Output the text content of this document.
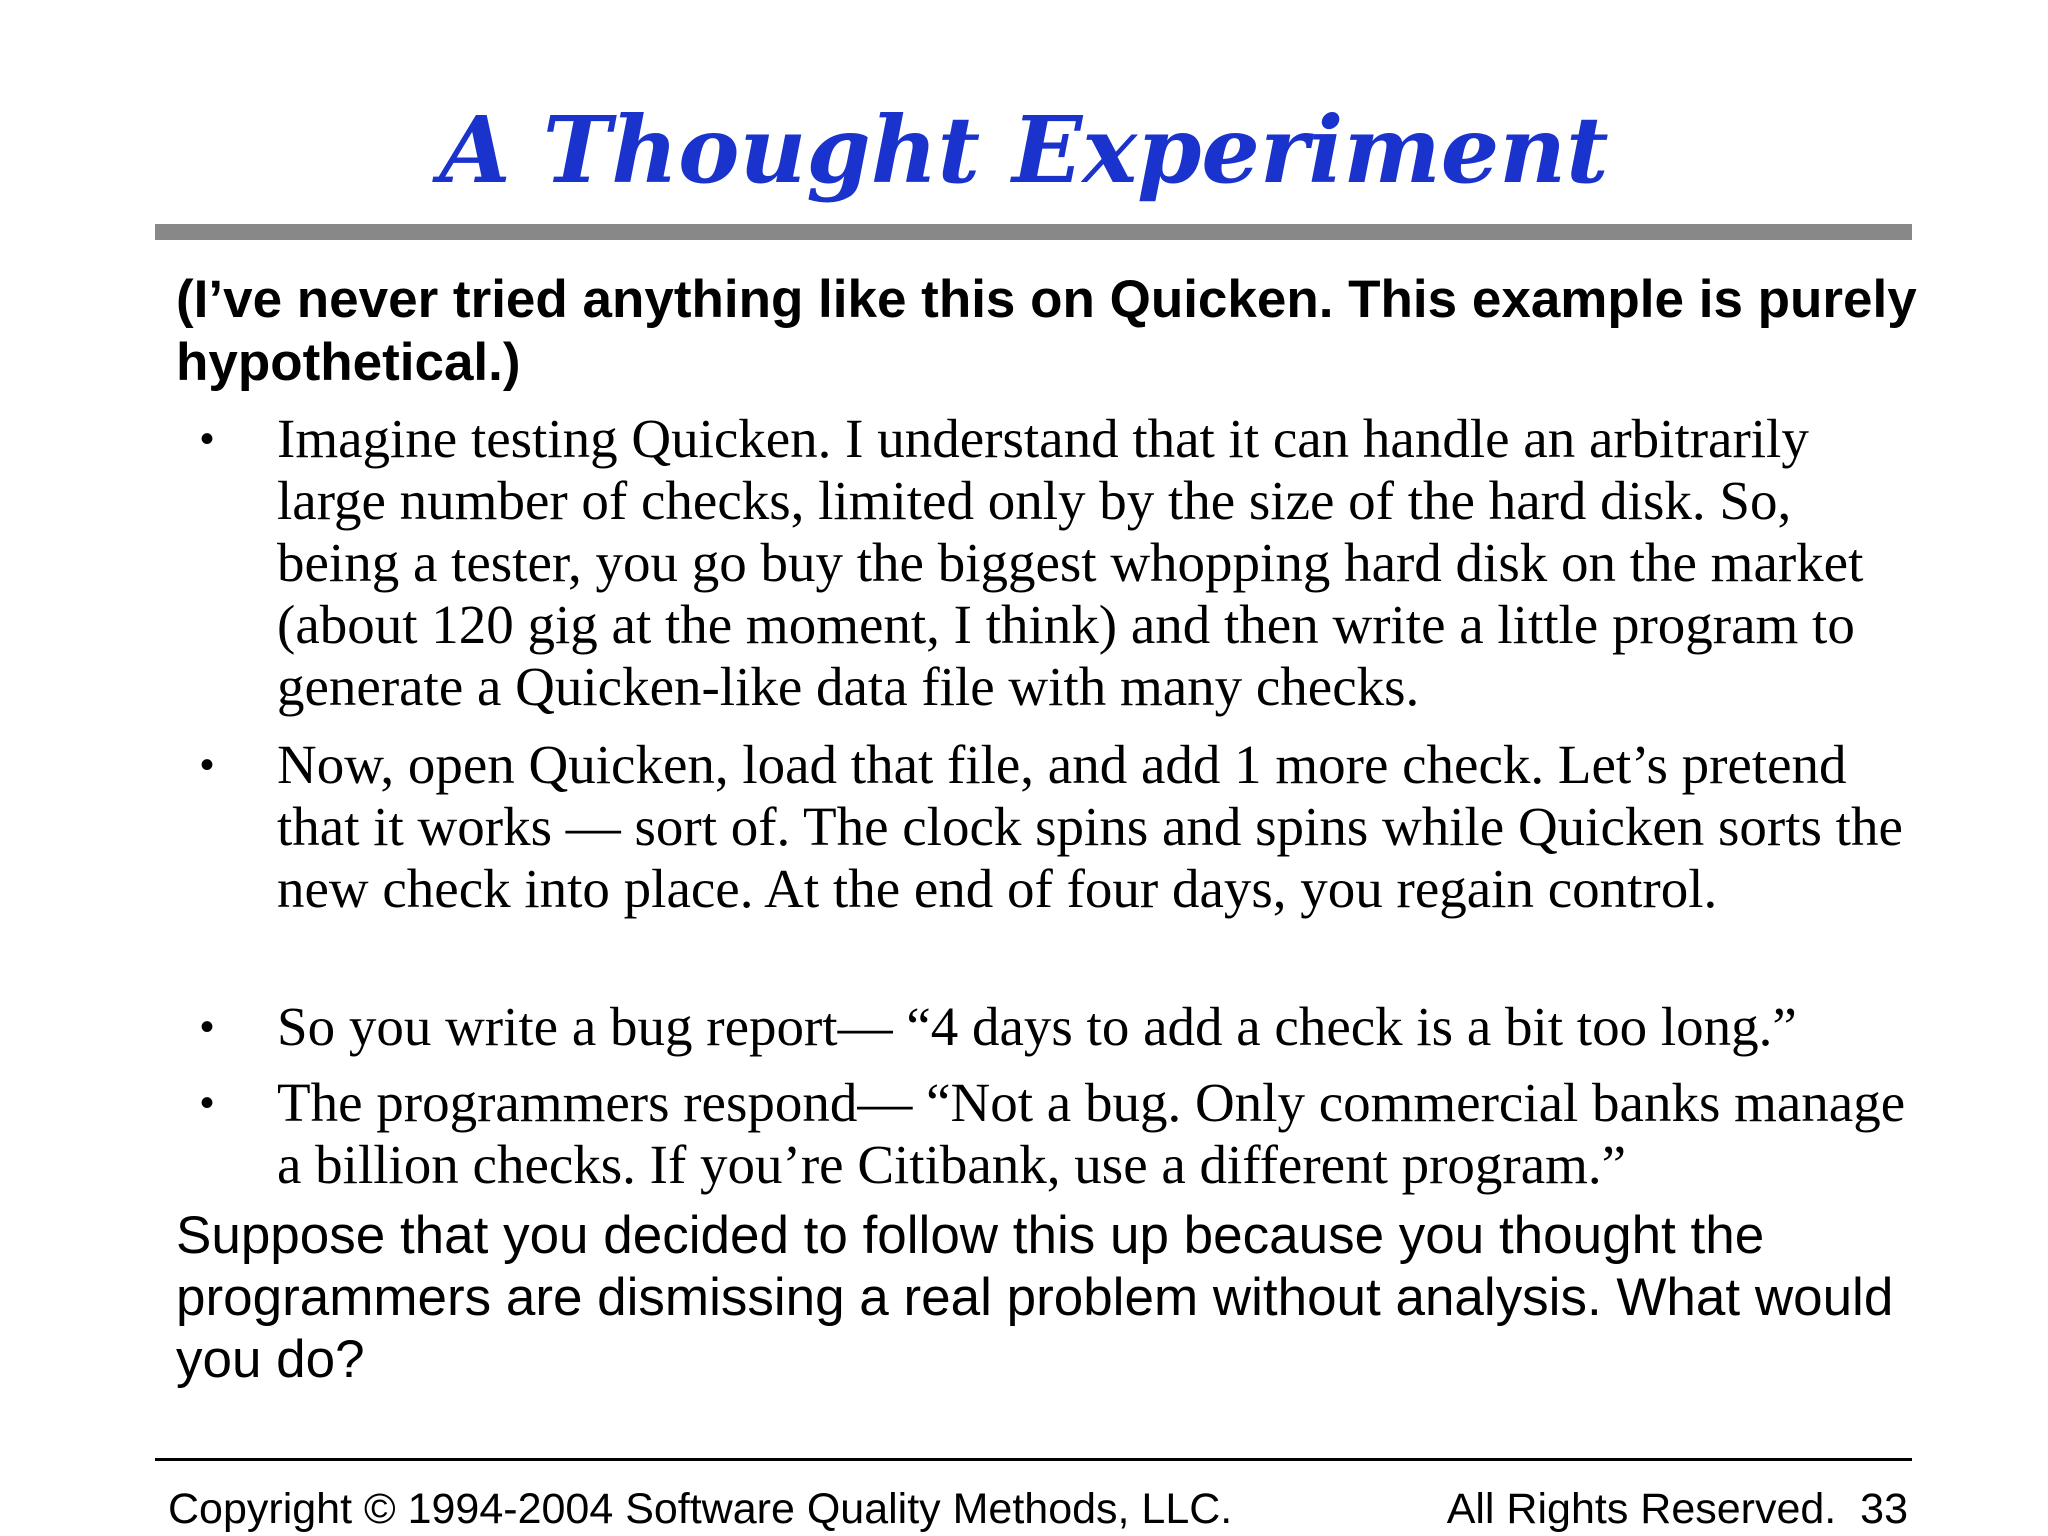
A Thought Experiment

(I’ve never tried anything like this on Quicken. This example is purely hypothetical.)

• Imagine testing Quicken. I understand that it can handle an arbitrarily large number of checks, limited only by the size of the hard disk. So, being a tester, you go buy the biggest whopping hard disk on the market (about 120 gig at the moment, I think) and then write a little program to generate a Quicken-like data file with many checks.

• Now, open Quicken, load that file, and add 1 more check. Let’s pretend that it works — sort of. The clock spins and spins while Quicken sorts the new check into place. At the end of four days, you regain control.

• So you write a bug report— “4 days to add a check is a bit too long.”

• The programmers respond— “Not a bug. Only commercial banks manage a billion checks. If you’re Citibank, use a different program.”

Suppose that you decided to follow this up because you thought the programmers are dismissing a real problem without analysis. What would you do?

Copyright © 1994-2004 Software Quality Methods, LLC.	All Rights Reserved. 33
